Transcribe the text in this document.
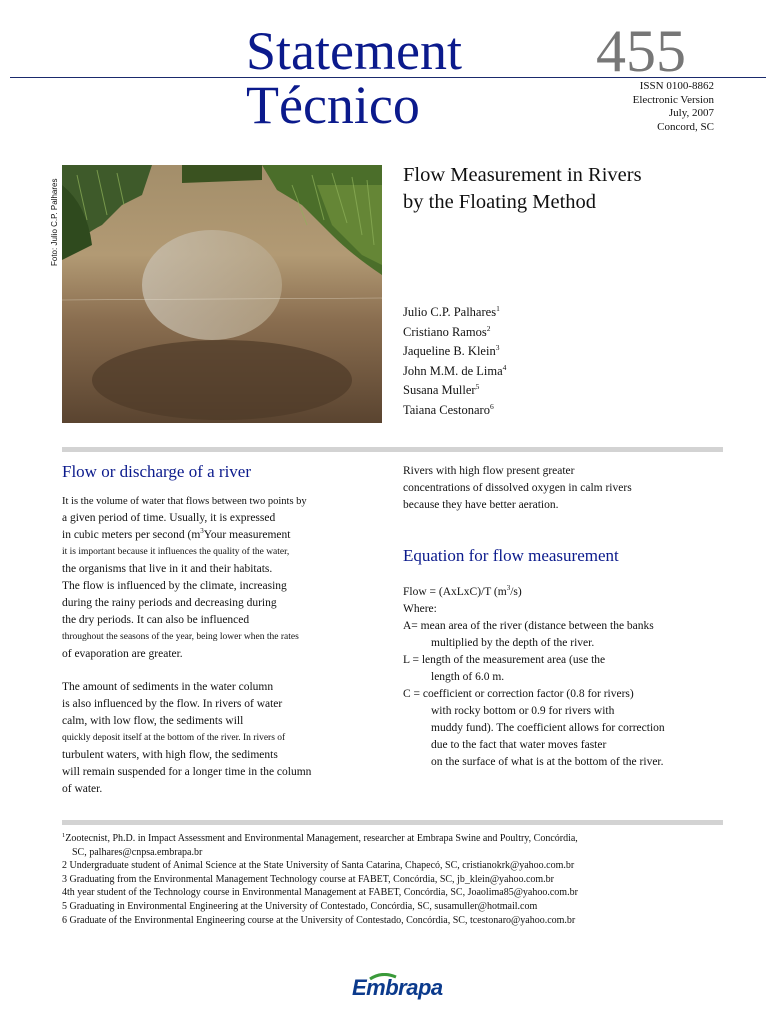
Statement
Técnico
455
ISSN 0100-8862
Electronic Version
July, 2007
Concord, SC
Foto: Julio C.P. Palhares
Flow Measurement in Rivers
by the Floating Method
Julio C.P. Palhares$^1$
Cristiano Ramos$^2$
Jaqueline B. Klein$^3$
John M.M. de Lima$^4$
Susana Muller$^5$
Taiana Cestonaro$^6$
Flow or discharge of a river
It is the volume of water that flows between two points by
a given period of time. Usually, it is expressed
in cubic meters per second ($m^3Your$ measurement
it is important because it influences the quality of the water,
the organisms that live in it and their habitats.
The flow is influenced by the climate, increasing
during the rainy periods and decreasing during
the dry periods. It can also be influenced
throughout the seasons of the year, being lower when the rates
of evaporation are greater.
The amount of sediments in the water column
is also influenced by the flow. In rivers of water
calm, with low flow, the sediments will
quickly deposit itself at the bottom of the river. In rivers of
turbulent waters, with high flow, the sediments
will remain suspended for a longer time in the column
of water.
Rivers with high flow present greater
concentrations of dissolved oxygen in calm rivers
because they have better aeration.
Equation for flow measurement
Flow = (AxLxC)/T $(m^3/s)$
Where:
A= mean area of the river (distance between the banks
multiplied by the depth of the river.
L = length of the measurement area (use the
length of 6.0 m.
C = coefficient or correction factor (0.8 for rivers)
with rocky bottom or 0.9 for rivers with
muddy fund). The coefficient allows for correction
due to the fact that water moves faster
on the surface of what is at the bottom of the river.
$^1$Zootecnist, Ph.D. in Impact Assessment and Environmental Management, researcher at Embrapa Swine and Poultry, Concórdia,
SC, palhares@cnpsa.embrapa.br
2 Undergraduate student of Animal Science at the State University of Santa Catarina, Chapecó, SC, cristianokrk@yahoo.com.br
3 Graduating from the Environmental Management Technology course at FABET, Concórdia, SC, jb_klein@yahoo.com.br
4th year student of the Technology course in Environmental Management at FABET, Concórdia, SC, Joaolima85@yahoo.com.br
5 Graduating in Environmental Engineering at the University of Contestado, Concórdia, SC, susamuller@hotmail.com
6 Graduate of the Environmental Engineering course at the University of Contestado, Concórdia, SC, tcestonaro@yahoo.com.br
Embrapa
